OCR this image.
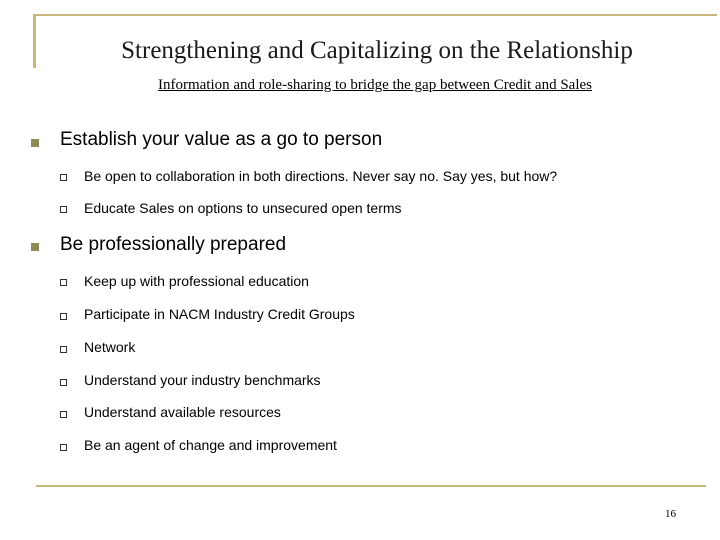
Strengthening and Capitalizing on the Relationship
Information and role-sharing to bridge the gap between Credit and Sales
Establish your value as a go to person
Be open to collaboration in both directions. Never say no. Say yes, but how?
Educate Sales on options to unsecured open terms
Be professionally prepared
Keep up with professional education
Participate in NACM Industry Credit Groups
Network
Understand your industry benchmarks
Understand available resources
Be an agent of change and improvement
16
